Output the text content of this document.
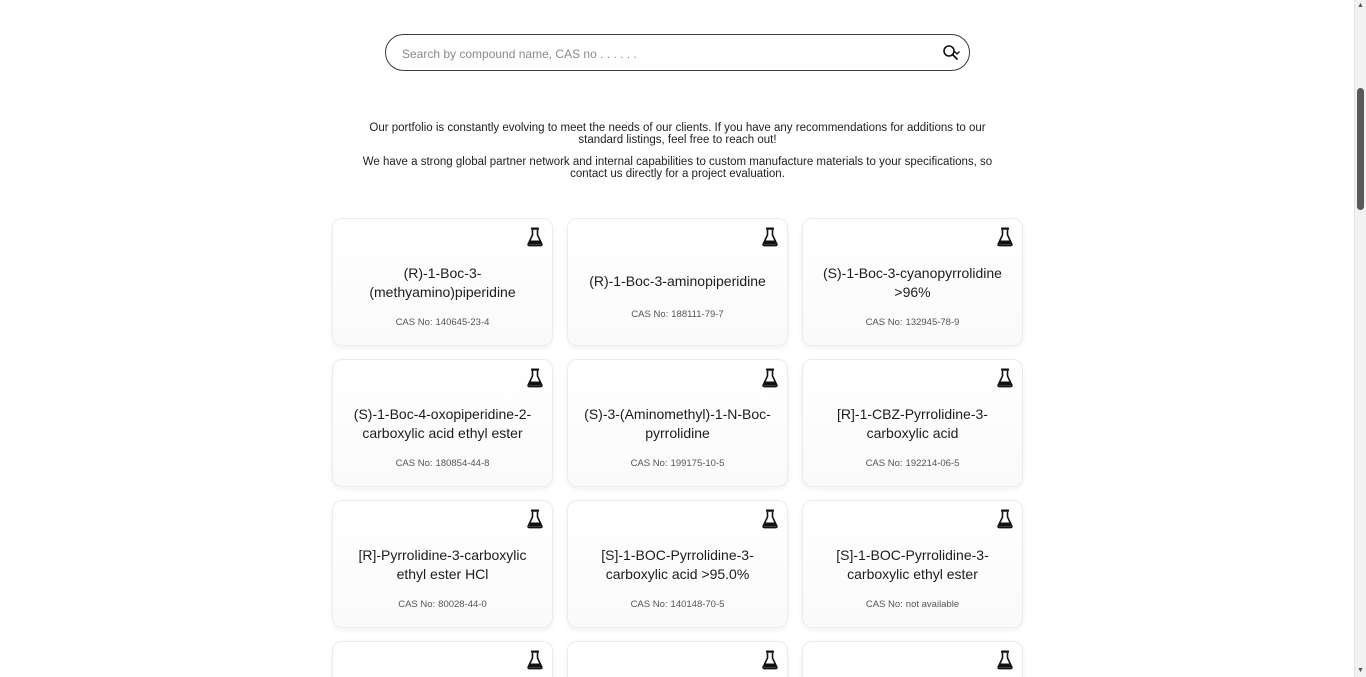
Search by compound name, CAS no . . . . . .

Our portfolio is constantly evolving to meet the needs of our clients. If you have any recommendations for additions to our standard listings, feel free to reach out!

We have a strong global partner network and internal capabilities to custom manufacture materials to your specifications, so contact us directly for a project evaluation.

(R)-1-Boc-3-(methyamino)piperidine
CAS No: 140645-23-4
(R)-1-Boc-3-aminopiperidine
CAS No: 188111-79-7
(S)-1-Boc-3-cyanopyrrolidine >96%
CAS No: 132945-78-9
(S)-1-Boc-4-oxopiperidine-2-carboxylic acid ethyl ester
CAS No: 180854-44-8
(S)-3-(Aminomethyl)-1-N-Boc-pyrrolidine
CAS No: 199175-10-5
[R]-1-CBZ-Pyrrolidine-3-carboxylic acid
CAS No: 192214-06-5
[R]-Pyrrolidine-3-carboxylic ethyl ester HCl
CAS No: 80028-44-0
[S]-1-BOC-Pyrrolidine-3-carboxylic acid >95.0%
CAS No: 140148-70-5
[S]-1-BOC-Pyrrolidine-3-carboxylic ethyl ester
CAS No: not available
▲
▼
